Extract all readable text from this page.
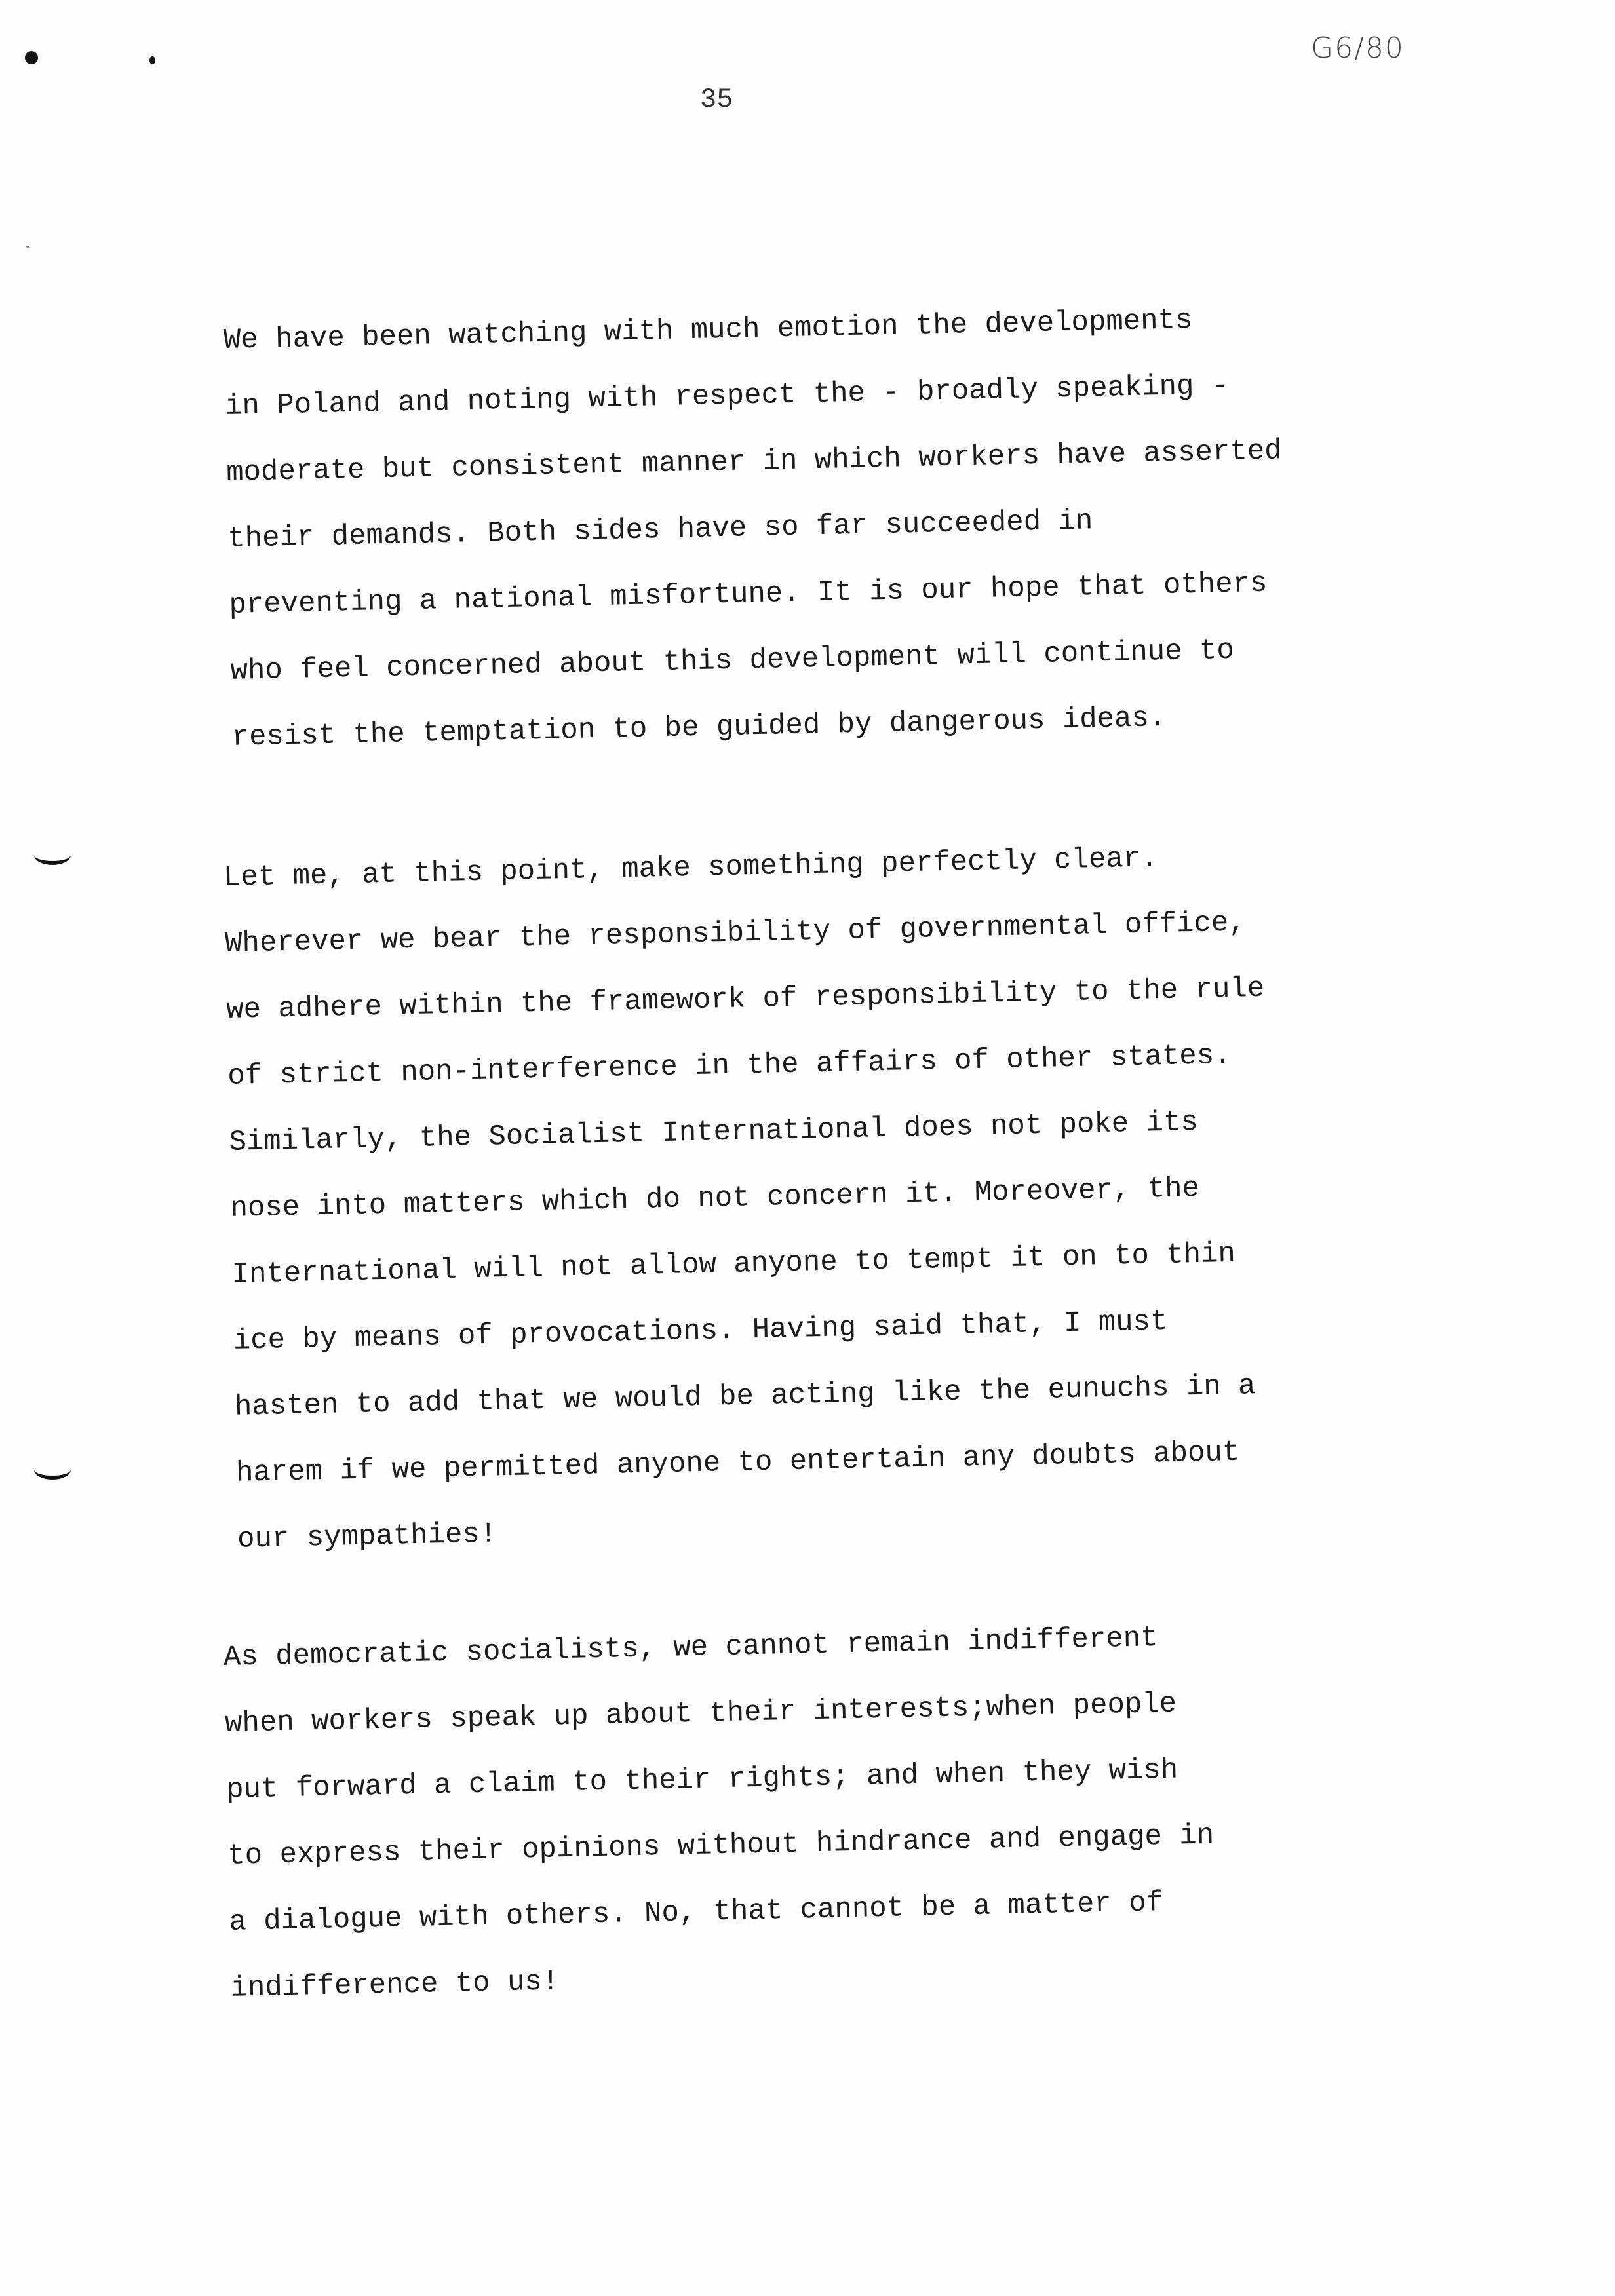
G6/80
35
We have been watching with much emotion the developments
in Poland and noting with respect the - broadly speaking -
moderate but consistent manner in which workers have asserted
their demands. Both sides have so far succeeded in
preventing a national misfortune. It is our hope that others
who feel concerned about this development will continue to
resist the temptation to be guided by dangerous ideas.
Let me, at this point, make something perfectly clear.
Wherever we bear the responsibility of governmental office,
we adhere within the framework of responsibility to the rule
of strict non-interference in the affairs of other states.
Similarly, the Socialist International does not poke its
nose into matters which do not concern it. Moreover, the
International will not allow anyone to tempt it on to thin
ice by means of provocations. Having said that, I must
hasten to add that we would be acting like the eunuchs in a
harem if we permitted anyone to entertain any doubts about
our sympathies!
As democratic socialists, we cannot remain indifferent
when workers speak up about their interests;when people
put forward a claim to their rights; and when they wish
to express their opinions without hindrance and engage in
a dialogue with others. No, that cannot be a matter of
indifference to us!
